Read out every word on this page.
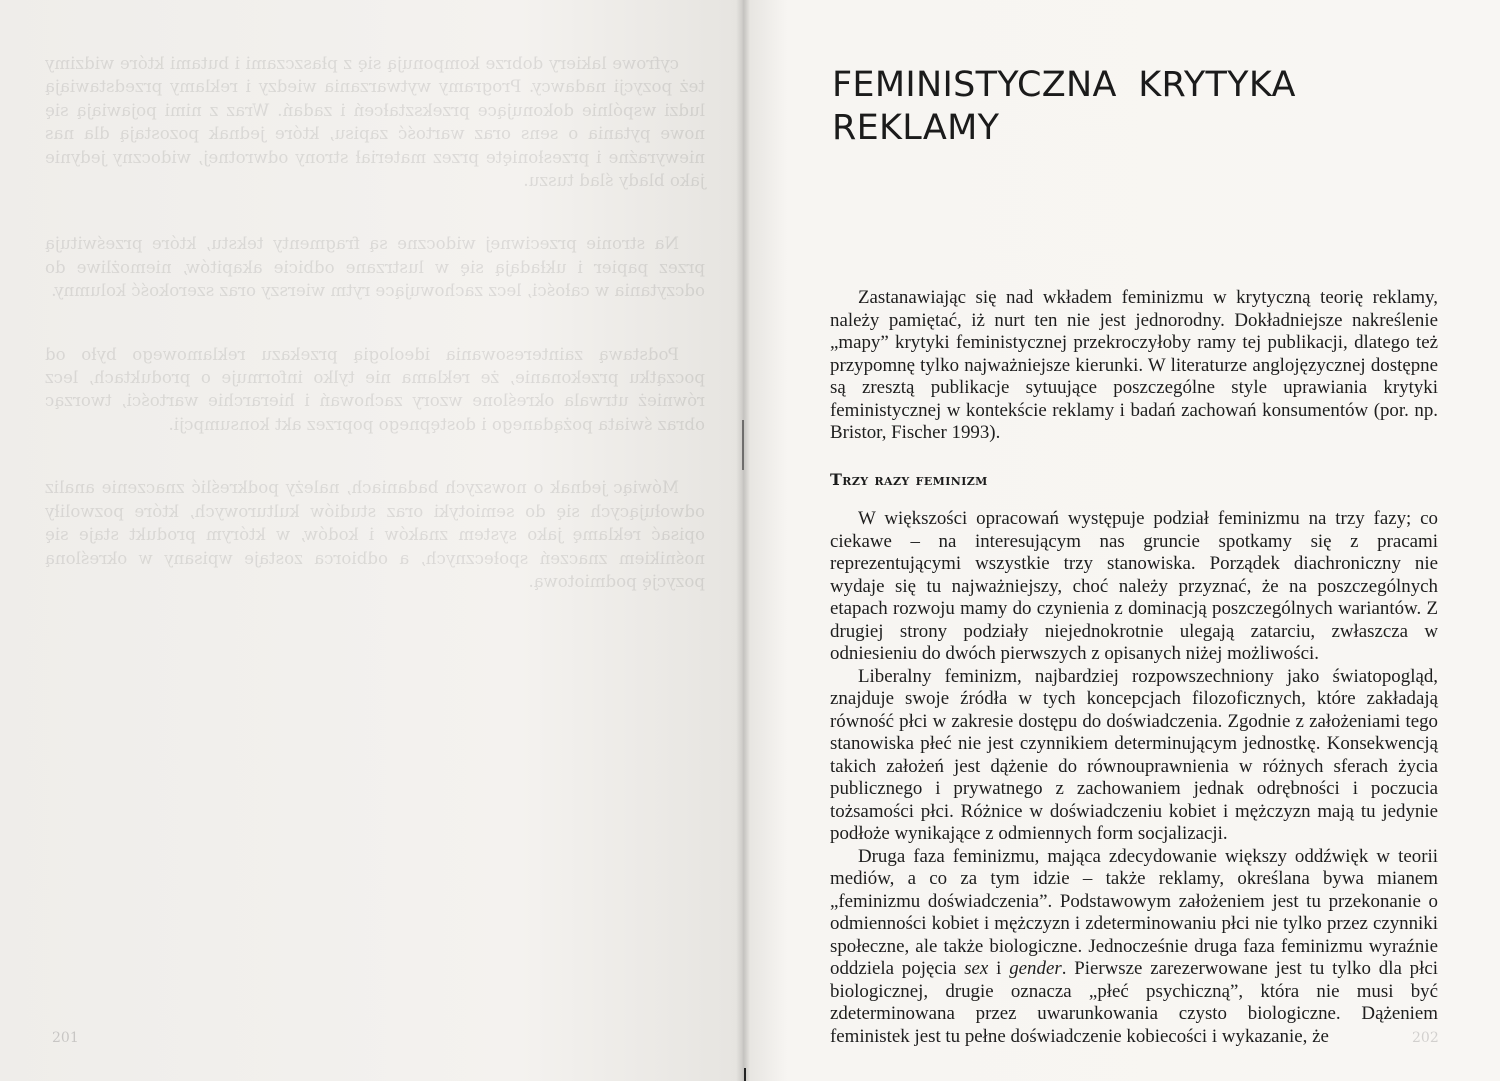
cyfrowe lakiery dobrze komponują się z płaszczami i butami które widzimy też pozycji nadawcy. Programy wytwarzania wiedzy i reklamy przedstawiają ludzi wspólnie dokonujące przekształceń i zadań. Wraz z nimi pojawiają się nowe pytania o sens oraz wartość zapisu, które jednak pozostają dla nas niewyraźne i przesłonięte przez materiał strony odwrotnej, widoczny jedynie jako blady ślad tuszu.

Na stronie przeciwnej widoczne są fragmenty tekstu, które prześwitują przez papier i układają się w lustrzane odbicie akapitów, niemożliwe do odczytania w całości, lecz zachowujące rytm wierszy oraz szerokość kolumny.

Podstawą zainteresowania ideologią przekazu reklamowego było od początku przekonanie, że reklama nie tylko informuje o produktach, lecz również utrwala określone wzory zachowań i hierarchie wartości, tworząc obraz świata pożądanego i dostępnego poprzez akt konsumpcji.

Mówiąc jednak o nowszych badaniach, należy podkreślić znaczenie analiz odwołujących się do semiotyki oraz studiów kulturowych, które pozwoliły opisać reklamę jako system znaków i kodów, w którym produkt staje się nośnikiem znaczeń społecznych, a odbiorca zostaje wpisany w określoną pozycję podmiotową.

201
FEMINISTYCZNA KRYTYKA REKLAMY

Zastanawiając się nad wkładem feminizmu w krytyczną teorię reklamy, należy pamiętać, iż nurt ten nie jest jednorodny. Dokładniejsze nakreślenie „mapy” krytyki feministycznej przekroczyłoby ramy tej publikacji, dlatego też przypomnę tylko najważniejsze kierunki. W literaturze anglojęzycznej dostępne są zresztą publikacje sytuujące poszczególne style uprawiania krytyki feministycznej w kontekście reklamy i badań zachowań konsumentów (por. np. Bristor, Fischer 1993).

Trzy razy feminizm

W większości opracowań występuje podział feminizmu na trzy fazy; co ciekawe – na interesującym nas gruncie spotkamy się z pracami reprezentującymi wszystkie trzy stanowiska. Porządek diachroniczny nie wydaje się tu najważniejszy, choć należy przyznać, że na poszczególnych etapach rozwoju mamy do czynienia z dominacją poszczególnych wariantów. Z drugiej strony podziały niejednokrotnie ulegają zatarciu, zwłaszcza w odniesieniu do dwóch pierwszych z opisanych niżej możliwości.

Liberalny feminizm, najbardziej rozpowszechniony jako światopogląd, znajduje swoje źródła w tych koncepcjach filozoficznych, które zakładają równość płci w zakresie dostępu do doświadczenia. Zgodnie z założeniami tego stanowiska płeć nie jest czynnikiem determinującym jednostkę. Konsekwencją takich założeń jest dążenie do równouprawnienia w różnych sferach życia publicznego i prywatnego z zachowaniem jednak odrębności i poczucia tożsamości płci. Różnice w doświadczeniu kobiet i mężczyzn mają tu jedynie podłoże wynikające z odmiennych form socjalizacji.

Druga faza feminizmu, mająca zdecydowanie większy oddźwięk w teorii mediów, a co za tym idzie – także reklamy, określana bywa mianem „feminizmu doświadczenia”. Podstawowym założeniem jest tu przekonanie o odmienności kobiet i mężczyzn i zdeterminowaniu płci nie tylko przez czynniki społeczne, ale także biologiczne. Jednocześnie druga faza feminizmu wyraźnie oddziela pojęcia sex i gender. Pierwsze zarezerwowane jest tu tylko dla płci biologicznej, drugie oznacza „płeć psychiczną”, która nie musi być zdeterminowana przez uwarunkowania czysto biologiczne. Dążeniem feministek jest tu pełne doświadczenie kobiecości i wykazanie, że	202
